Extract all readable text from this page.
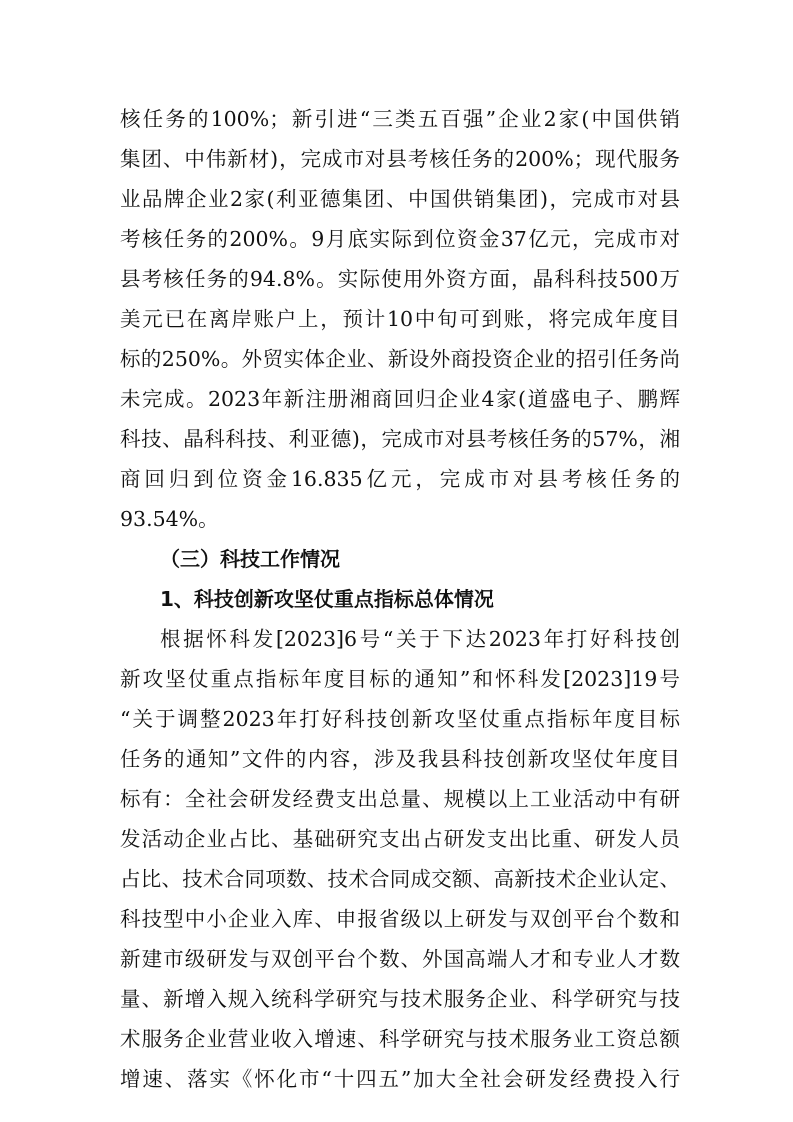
核任务的100%；新引进“三类五百强”企业2家(中国供销
集团、中伟新材)，完成市对县考核任务的200%；现代服务
业品牌企业2家(利亚德集团、中国供销集团)，完成市对县
考核任务的200%。9月底实际到位资金37亿元，完成市对
县考核任务的94.8%。实际使用外资方面，晶科科技500万
美元已在离岸账户上，预计10中旬可到账，将完成年度目
标的250%。外贸实体企业、新设外商投资企业的招引任务尚
未完成。2023年新注册湘商回归企业4家(道盛电子、鹏辉
科技、晶科科技、利亚德)，完成市对县考核任务的57%，湘
商回归到位资金16.835亿元，完成市对县考核任务的
93.54%。
（三）科技工作情况
1、科技创新攻坚仗重点指标总体情况
根据怀科发[2023]6号“关于下达2023年打好科技创
新攻坚仗重点指标年度目标的通知”和怀科发[2023]19号
“关于调整2023年打好科技创新攻坚仗重点指标年度目标
任务的通知”文件的内容，涉及我县科技创新攻坚仗年度目
标有：全社会研发经费支出总量、规模以上工业活动中有研
发活动企业占比、基础研究支出占研发支出比重、研发人员
占比、技术合同项数、技术合同成交额、高新技术企业认定、
科技型中小企业入库、申报省级以上研发与双创平台个数和
新建市级研发与双创平台个数、外国高端人才和专业人才数
量、新增入规入统科学研究与技术服务企业、科学研究与技
术服务企业营业收入增速、科学研究与技术服务业工资总额
增速、落实《怀化市“十四五”加大全社会研发经费投入行
